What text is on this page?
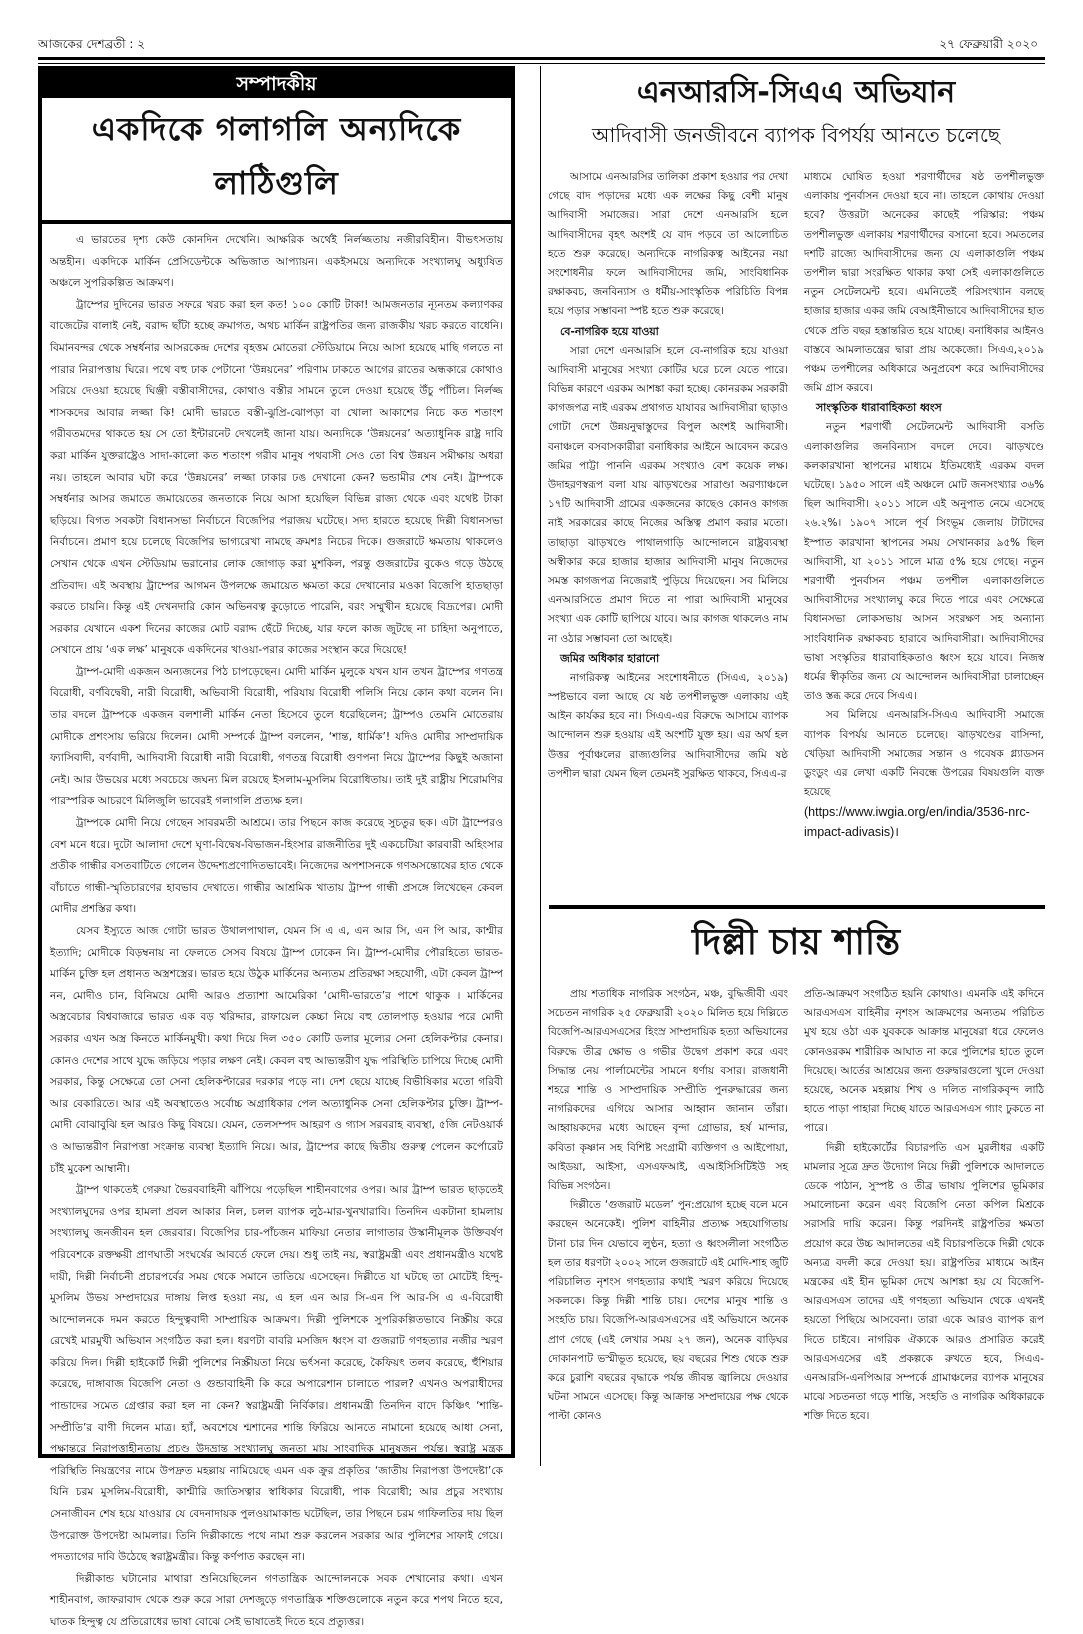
আজকের দেশব্রতী : ২	২৭ ফেব্রুয়ারী ২০২০
সম্পাদকীয়
একদিকে গলাগলি অন্যদিকে লাঠিগুলি

এ ভারতের দৃশ্য কেউ কোনদিন দেখেনি। আক্ষরিক অর্থেই নির্লজ্জতায় নজীরবিহীন। বীভৎসতায় অন্তহীন। একদিকে মার্কিন প্রেসিডেন্টকে অভিজাত আপ্যায়ন। একইসময়ে অন্যদিকে সংখ্যালঘু অধ্যুষিত অঞ্চলে সুপরিকল্পিত আক্রমণ।

ট্রাম্পের দুদিনের ভারত সফরে খরচ করা হল কত! ১০০ কোটি টাকা! আমজনতার ন্যূনতম কল্যাণকর বাজেটের বালাই নেই, বরাদ্দ ছাঁটা হচ্ছে ক্রমাগত, অথচ মার্কিন রাষ্ট্রপতির জন্য রাজকীয় খরচ করতে বাধেনি। বিমানবন্দর থেকে সম্বর্ধনার আসরকেন্দ্র দেশের বৃহত্তম মোতেরা স্টেডিয়ামে নিয়ে আসা হয়েছে মাছি গলতে না পারার নিরাপত্তায় ঘিরে। পথে বহু ঢাক পেটানো ‘উন্নয়নের’ পরিণাম ঢাকতে আগের রাতের অন্ধকারে কোথাও সরিয়ে দেওয়া হয়েছে ঘিঞ্জী বস্তীবাসীদের, কোথাও বস্তীর সামনে তুলে দেওয়া হয়েছে উঁচু পাঁচিল। নির্লজ্জ শাসকদের আবার লজ্জা কি! মোদী ভারতে বস্তী-ঝুপ্রি-ঝোপড়া বা খোলা আকাশের নিচে কত শতাংশ গরীবতমদের থাকতে হয় সে তো ইন্টারনেট দেখলেই জানা যায়। অন্যদিকে ‘উন্নয়নের’ অত্যাধুনিক রাষ্ট্র দাবি করা মার্কিন যুক্তরাষ্ট্রেও সাদা-কালো কত শতাংশ গরীব মানুষ পথবাসী সেও তো বিশ্ব উন্নয়ন সমীক্ষায় অধরা নয়। তাহলে আবার ঘটা করে ‘উন্নয়নের’ লজ্জা ঢাকার ঢঙ দেখানো কেন? ভন্ডামীর শেষ নেই। ট্রাম্পকে সম্বর্ধনার আসর জমাতে জমায়েতের জনতাকে নিয়ে আসা হয়েছিল বিভিন্ন রাজ্য থেকে এবং যথেষ্ট টাকা ছড়িয়ে। বিগত সবকটা বিধানসভা নির্বাচনে বিজেপির পরাজয় ঘটেছে। সদ্য হারতে হয়েছে দিল্লী বিধানসভা নির্বাচনে। প্রমাণ হয়ে চলেছে বিজেপির ভাগ্যরেখা নামছে ক্রমশঃ নিচের দিকে। গুজরাটে ক্ষমতায় থাকলেও সেখান থেকে এখন স্টেডিয়াম ভরানোর লোক জোগাড় করা মুশকিল, পরন্তু গুজরাটের বুকেও গড়ে উঠছে প্রতিবাদ। এই অবস্থায় ট্রাম্পের আগমন উপলক্ষে জমায়েত ক্ষমতা করে দেখানোর মওকা বিজেপি হাতছাড়া করতে চায়নি। কিন্তু এই দেখনদারি কোন অভিনবত্ব কুড়োতে পারেনি, বরং সম্মুখীন হয়েছে বিদ্রূপের। মোদী সরকার যেখানে একশ দিনের কাজের মোট বরাদ্দ ছেঁটে দিচ্ছে, যার ফলে কাজ জুটছে না চাহিদা অনুপাতে, সেখানে প্রায় ‘এক লক্ষ’ মানুষকে একদিনের খাওয়া-পরার কাজের সংস্থান করে দিয়েছে!

ট্রাম্প-মোদী একজন অন্যজনের পিঠ চাপড়েছেন। মোদী মার্কিন মুলুকে যখন যান তখন ট্রাম্পের গণতন্ত্র বিরোধী, বর্ণবিদ্বেষী, নারী বিরোধী, অভিবাসী বিরোধী, পরিযায় বিরোধী পলিসি নিয়ে কোন কথা বলেন নি। তার বদলে ট্রাম্পকে একজন বলশালী মার্কিন নেতা হিসেবে তুলে ধরেছিলেন; ট্রাম্পও তেমনি মোতেরায় মোদীকে প্রশংসায় ভরিয়ে দিলেন। মোদী সম্পর্কে ট্রাম্প বললেন, ‘শান্ত, ধার্মিক’! যদিও মোদীর সাম্প্রদায়িক ফ্যাসিবাদী, বর্ণবাদী, আদিবাসী বিরোধী নারী বিরোধী, গণতন্ত্র বিরোধী গুণপনা নিয়ে ট্রাম্পের কিছুই অজানা নেই। আর উভয়ের মধ্যে সবচেয়ে জঘন্য মিল রয়েছে ইসলাম-মুসলিম বিরোধিতায়। তাই দুই রাষ্ট্রীয় শিরোমণির পারস্পরিক আচরণে মিলিজুলি ভাবেরই গলাগলি প্রত্যক্ষ হল।

ট্রাম্পকে মোদী নিয়ে গেছেন সাবরমতী আশ্রমে। তার পিছনে কাজ করেছে সুচতুর ছক। এটা ট্রাম্পেরও বেশ মনে ধরে। দুটো আলাদা দেশে ঘৃণা-বিদ্বেষ-বিভাজন-হিংসার রাজনীতির দুই একচেটিয়া কারবারী অহিংসার প্রতীক গান্ধীর বসতবাটিতে গেলেন উদ্দেশ্যপ্রণোদিতভাবেই। নিজেদের অপশাসনকে গণঅসন্তোষের হাত থেকে বাঁচাতে গান্ধী-স্মৃতিচারণের হাবভাব দেখাতে। গান্ধীর আশ্রমিক খাতায় ট্রাম্প গান্ধী প্রসঙ্গে লিখেছেন কেবল মোদীর প্রশস্তির কথা।

যেসব ইস্যুতে আজ গোটা ভারত উথালপাথাল, যেমন সি এ এ, এন আর সি, এন পি আর, কাশ্মীর ইত্যাদি; মোদীকে বিড়ম্বনায় না ফেলতে সেসব বিষয়ে ট্রাম্প ঢোকেন নি। ট্রাম্প-মোদীর পৌরহিত্যে ভারত-মার্কিন চুক্তি হল প্রধানত অস্ত্রশস্ত্রের। ভারত হয়ে উঠুক মার্কিনের অন্যতম প্রতিরক্ষা সহযোগী, এটা কেবল ট্রাম্প নন, মোদীও চান, বিনিময়ে মোদী আরও প্রত্যাশা আমেরিকা ‘মোদী-ভারতে’র পাশে থাকুক । মার্কিনের অস্ত্রবেচার বিশ্ববাজারে ভারত এক বড় খরিদ্দার, রাফায়েল কেচ্চা নিয়ে বহু তোলপাড় হওয়ার পরে মোদী সরকার এখন অস্ত্র কিনতে মার্কিনমুখী। কথা দিয়ে দিল ৩৫০ কোটি ডলার মূল্যের সেনা হেলিকপ্টার কেনার। কোনও দেশের সাথে যুদ্ধে জড়িয়ে পড়ার লক্ষণ নেই। কেবল বহু আভ্যন্তরীণ যুদ্ধ পরিস্থিতি চাপিয়ে দিচ্ছে মোদী সরকার, কিন্তু সেক্ষেত্রে তো সেনা হেলিকপ্টারের দরকার পড়ে না। দেশ ছেয়ে যাচ্ছে বিভীষিকার মতো গরিবী আর বেকারিতে। আর এই অবস্থাতেও সর্বোচ্চ অগ্রাধিকার পেল অত্যাধুনিক সেনা হেলিকপ্টার চুক্তি। ট্রাম্প-মোদী বোঝাবুঝি হল আরও কিছু বিষয়ে। যেমন, তেলসম্পদ আহরণ ও গ্যাস সরবরাহ ব্যবস্থা, ৫জি নেটওয়ার্ক ও আভ্যন্তরীণ নিরাপত্তা সংক্রান্ত ব্যবস্থা ইত্যাদি নিয়ে। আর, ট্রাম্পের কাছে দ্বিতীয় গুরুত্ব পেলেন কর্পোরেট চাঁই মুকেশ আম্বানী।

ট্রাম্প থাকতেই গেরুয়া ভৈরববাহিনী ঝাঁপিয়ে পড়েছিল শাহীনবাগের ওপর। আর ট্রাম্প ভারত ছাড়তেই সংখ্যালঘুদের ওপর হামলা প্রবল আকার নিল, চলল ব্যাপক লুঠ-মার-খুনখারাবি। তিনদিন একটানা হামলায় সংখ্যালঘু জনজীবন হল জেরবার। বিজেপির চার-পাঁচজন মাফিয়া নেতার লাগাতার উস্কানীমূলক উক্তিবর্ষণ পরিবেশকে রক্তক্ষয়ী প্রাণঘাতী সংঘর্ষের আবর্তে ফেলে দেয়। শুধু তাই নয়, স্বরাষ্ট্রমন্ত্রী এবং প্রধানমন্ত্রীও যথেষ্ট দায়ী, দিল্লী নির্বাচনী প্রচারপর্বের সময় থেকে সমানে তাতিয়ে এসেছেন। দিল্লীতে যা ঘটছে তা মোটেই হিন্দু-মুসলিম উভয় সম্প্রদায়ের দাঙ্গায় লিপ্ত হওয়া নয়, এ হল এন আর সি-এন পি আর-সি এ এ-বিরোধী আন্দোলনকে দমন করতে হিন্দুত্ববাদী সাম্প্রায়িক আক্রমণ। দিল্লী পুলিশকে সুপরিকল্পিতভাবে নিস্ক্রীয় করে রেখেই মারমুখী অভিযান সংগঠিত করা হল। ধরণটা বাবরি মসজিদ ধ্বংস বা গুজরাট গণহত্যার নজীর স্মরণ করিয়ে দিল। দিল্লী হাইকোর্ট দিল্লী পুলিশের নিস্ক্রীয়তা নিয়ে ভর্ৎসনা করেছে, কৈফিয়ৎ তলব করেছে, হুঁশিয়ার করেছে, দাঙ্গাবাজ বিজেপি নেতা ও গুন্ডাবাহিনী কি করে অপারেশান চালাতে পারল? এখনও অপরাধীদের পান্ডাদের সমেত গ্রেপ্তার করা হল না কেন? স্বরাষ্ট্রমন্ত্রী নির্বিকার। প্রধানমন্ত্রী তিনদিন বাদে কিঞ্চিৎ ‘শান্তি-সম্প্রীতি’র বাণী দিলেন মাত্র। হ্যাঁ, অবশেষে শ্মশানের শান্তি ফিরিয়ে আনতে নামানো হয়েছে আধা সেনা, পক্ষান্তরে নিরাপত্তাহীনতায় প্রচণ্ড উদভ্রান্ত সংখ্যালঘু জনতা মায় সাংবাদিক মানুষজন পর্যন্ত। স্বরাষ্ট্র মন্ত্রক পরিস্থিতি নিয়ন্ত্রণের নামে উপদ্রুত মহল্লায় নামিয়েছে এমন এক ক্রুর প্রকৃতির ‘জাতীয় নিরাপত্তা উপদেষ্টা’কে যিনি চরম মুসলিম-বিরোধী, কাশ্মীরি জাতিসত্বার স্বাধিকার বিরোধী, পাক বিরোধী; আর প্রচুর সংখ্যায় সেনাজীবন শেষ হয়ে যাওয়ার যে বেদনাদায়ক পুলওয়ামাকান্ড ঘটেছিল, তার পিছনে চরম গাফিলতির দায় ছিল উপরোক্ত উপদেষ্টা আমলার। তিনি দিল্লীকান্ডে পথে নামা শুরু করলেন সরকার আর পুলিশের সাফাই গেয়ে। পদত্যাগের দাবি উঠেছে স্বরাষ্ট্রমন্ত্রীর। কিন্তু কর্ণপাত করছেন না।

দিল্লীকান্ড ঘটানোর মাথারা শুনিয়েছিলেন গণতান্ত্রিক আন্দোলনকে সবক শেখানোর কথা। এখন শাহীনবাগ, জাফরাবাদ থেকে শুরু করে সারা দেশজুড়ে গণতান্ত্রিক শক্তিগুলোকে নতুন করে শপথ নিতে হবে, ঘাতক হিন্দুত্ব যে প্রতিরোধের ভাষা বোঝে সেই ভাষাতেই দিতে হবে প্রত্যুত্তর।

এনআরসি-সিএএ অভিযান
আদিবাসী জনজীবনে ব্যাপক বিপর্যয় আনতে চলেছে

আসামে এনআরসির তালিকা প্রকাশ হওয়ার পর দেখা গেছে বাদ পড়াদের মধ্যে এক লক্ষের কিছু বেশী মানুষ আদিবাসী সমাজের। সারা দেশে এনআরসি হলে আদিবাসীদের বৃহৎ অংশই যে বাদ পড়বে তা আলোচিত হতে শুরু করেছে। অন্যদিকে নাগরিকত্ব আইনের নয়া সংশোধনীর ফলে আদিবাসীদের জমি, সাংবিধানিক রক্ষাকবচ, জনবিন্যাস ও ধর্মীয়-সাংস্কৃতিক পরিচিতি বিপন্ন হয়ে পড়ার সম্ভাবনা স্পষ্ট হতে শুরু করেছে।

বে-নাগরিক হয়ে যাওয়া

সারা দেশে এনআরসি হলে বে-নাগরিক হয়ে যাওয়া আদিবাসী মানুষের সংখ্যা কোটির ঘরে চলে যেতে পারে। বিভিন্ন কারণে এরকম আশঙ্কা করা হচ্ছে। কোনরকম সরকারী কাগজপত্র নাই এরকম প্রথাগত যাযাবর আদিবাসীরা ছাড়াও গোটা দেশে উন্নয়নুদ্বাস্তুদের বিপুল অংশই আদিবাসী। বনাঞ্চলে বসবাসকারীরা বনাধিকার আইনে আবেদন করেও জমির পাট্টা পাননি এরকম সংখ্যাও বেশ কয়েক লক্ষ। উদাহরণস্বরূপ বলা যায় ঝাড়খণ্ডের সারাণ্ডা অরণ্যাঞ্চলে ১৭টি আদিবাসী গ্রামের একজনের কাছেও কোনও কাগজ নাই সরকারের কাছে নিজের অস্তিত্ব প্রমাণ করার মতো। তাছাড়া ঝাড়খণ্ডে পাথালগাড়ি আন্দোলনে রাষ্ট্রব্যবস্থা অস্বীকার করে হাজার হাজার আদিবাসী মানুষ নিজেদের সমস্ত কাগজপত্র নিজেরাই পুড়িয়ে দিয়েছেন। সব মিলিয়ে এনআরসিতে প্রমাণ দিতে না পারা আদিবাসী মানুষের সংখ্যা এক কোটি ছাপিয়ে যাবে। আর কাগজ থাকলেও নাম না ওঠার সম্ভাবনা তো আছেই।

জমির অধিকার হারানো

নাগরিকত্ব আইনের সংশোধনীতে (সিএএ, ২০১৯) স্পষ্টভাবে বলা আছে যে ষষ্ঠ তপশীলভুক্ত এলাকায় এই আইন কার্যকর হবে না। সিএএ-এর বিরুদ্ধে আসামে ব্যাপক আন্দোলন শুরু হওয়ায় এই অংশটি যুক্ত হয়। এর অর্থ হল উত্তর পূর্বাঞ্চলের রাজ্যগুলির আদিবাসীদের জমি ষষ্ঠ তপশীল দ্বারা যেমন ছিল তেমনই সুরক্ষিত থাকবে, সিএএ-র

মাধ্যমে ঘোষিত হওয়া শরণার্থীদের ষষ্ঠ তপশীলভুক্ত এলাকায় পুনর্বাসন দেওয়া হবে না। তাহলে কোথায় দেওয়া হবে? উত্তরটা অনেকের কাছেই পরিস্কার: পঞ্চম তপশীলভুক্ত এলাকায় শরণার্থীদের বসানো হবে। সমতলের দশটি রাজ্যে আদিবাসীদের জন্য যে এলাকাগুলি পঞ্চম তপশীল দ্বারা সংরক্ষিত থাকার কথা সেই এলাকাগুলিতে নতুন সেটেলমেন্ট হবে। এমনিতেই পরিসংখ্যান বলছে হাজার হাজার একর জমি বেআইনীভাবে আদিবাসীদের হাত থেকে প্রতি বছর হস্তান্তরিত হয়ে যাচ্ছে। বনাধিকার আইনও বাস্তবে আমলাতন্ত্রের দ্বারা প্রায় অকেজো। সিএএ,২০১৯ পঞ্চম তপশীলের অধিকারে অনুপ্রবেশ করে আদিবাসীদের জমি গ্রাস করবে।

সাংস্কৃতিক ধারাবাহিকতা ধ্বংস

নতুন শরণার্থী সেটেলমেন্ট আদিবাসী বসতি এলাকাগুলির জনবিন্যাস বদলে দেবে। ঝাড়খণ্ডে কলকারখানা স্থাপনের মাধ্যমে ইতিমধ্যেই এরকম বদল ঘটেছে। ১৯৫০ সালে এই অঞ্চলে মোট জনসংখ্যার ৩৬% ছিল আদিবাসী। ২০১১ সালে এই অনুপাত নেমে এসেছে ২৬.২%। ১৯০৭ সালে পূর্ব সিংভূম জেলায় টাটাদের ইস্পাত কারখানা স্থাপনের সময় সেখানকার ৯৫% ছিল আদিবাসী, যা ২০১১ সালে মাত্র ৫% হয়ে গেছে। নতুন শরণার্থী পুনর্বাসন পঞ্চম তপশীল এলাকাগুলিতে আদিবাসীদের সংখ্যালঘু করে দিতে পারে এবং সেক্ষেত্রে বিধানসভা লোকসভায় আসন সংরক্ষণ সহ অন্যান্য সাংবিধানিক রক্ষাকবচ হারাবে আদিবাসীরা। আদিবাসীদের ভাষা সংস্কৃতির ধারাবাহিকতাও ধ্বংস হয়ে যাবে। নিজস্ব ধর্মের স্বীকৃতির জন্য যে আন্দোলন আদিবাসীরা চালাচ্ছেন তাও স্তব্ধ করে দেবে সিএএ।

সব মিলিয়ে এনআরসি-সিএএ আদিবাসী সমাজে ব্যাপক বিপর্যয় আনতে চলেছে। ঝাড়খণ্ডের বাসিন্দা, খেড়িয়া আদিবাসী সমাজের সন্তান ও গবেষক গ্ল্যাডসন ডুংডুং এর লেখা একটি নিবন্ধে উপরের বিষয়গুলি ব্যক্ত হয়েছে

(https://www.iwgia.org/en/india/3536-nrc-impact-adivasis)।
দিল্লী চায় শান্তি

প্রায় শতাধিক নাগরিক সংগঠন, মঞ্চ, বুদ্ধিজীবী এবং সচেতন নাগরিক ২৫ ফেব্রুয়ারী ২০২০ মিলিত হয়ে দিল্লিতে বিজেপি-আরএসএসের হিংস্র সাম্প্রদায়িক হত্যা অভিযানের বিরুদ্ধে তীব্র ক্ষোভ ও গভীর উদ্বেগ প্রকাশ করে এবং সিদ্ধান্ত নেয় পার্লামেন্টের সামনে ধর্ণায় বসার। রাজধানী শহরে শান্তি ও সাম্প্রদায়িক সম্প্রীতি পুনরুদ্ধারের জন্য নাগরিকদের এগিয়ে আসার আহ্বান জানান তাঁরা। আহ্বায়কদের মধ্যে আছেন বৃন্দা গ্রোভার, হর্ষ মান্দার, কবিতা কৃষ্ণান সহ বিশিষ্ট সংগ্রামী ব্যক্তিগণ ও আইপোয়া, আইডয়া, আইসা, এসএফআই, এআইসিসিটিইউ সহ বিভিন্ন সংগঠন।

দিল্লীতে ‘গুজরাট মডেল’ পুন:প্রয়োগ হচ্ছে বলে মনে করছেন অনেকেই। পুলিশ বাহিনীর প্রত্যক্ষ সহযোগিতায় টানা চার দিন যেভাবে লুণ্ঠন, হত্যা ও ধ্বংসলীলা সংগঠিত হল তার ধরণটা ২০০২ সালে গুজরাটে এই মোদি-শাহ জুটি পরিচালিত নৃশংস গণহত্যার কথাই স্মরণ করিয়ে দিয়েছে সকলকে। কিন্তু দিল্লী শান্তি চায়। দেশের মানুষ শান্তি ও সংহতি চায়। বিজেপি-আরএসএসের এই অভিযানে অনেক প্রাণ গেছে (এই লেখার সময় ২৭ জন), অনেক বাড়িঘর দোকানপাট ভস্মীভূত হয়েছে, ছয় বছরের শিশু থেকে শুরু করে চুরাশি বছরের বৃদ্ধাকে পর্যন্ত জীবন্ত জ্বালিয়ে দেওয়ার ঘটনা সামনে এসেছে। কিন্তু আক্রান্ত সম্প্রদায়ের পক্ষ থেকে পাল্টা কোনও

প্রতি-আক্রমণ সংগঠিত হয়নি কোথাও। এমনকি এই কদিনে আরএসএস বাহিনীর নৃশংস আক্রমণের অন্যতম পরিচিত মুখ হয়ে ওঠা এক যুবককে আক্রান্ত মানুষেরা ধরে ফেলেও কোনওরকম শারীরিক আঘাত না করে পুলিশের হাতে তুলে দিয়েছে। আর্তের আশ্রয়ের জন্য গুরুদ্বারগুলো খুলে দেওয়া হয়েছে, অনেক মহল্লায় শিখ ও দলিত নাগরিকবৃন্দ লাঠি হাতে পাড়া পাহারা দিচ্ছে যাতে আরএসএস গ্যাং ঢুকতে না পারে।

দিল্লী হাইকোর্টের বিচারপতি এস মুরলীধর একটি মামলার সূত্রে দ্রুত উদ্যোগ নিয়ে দিল্লী পুলিশকে আদালতে ডেকে পাঠান, সুস্পষ্ট ও তীব্র ভাষায় পুলিশের ভূমিকার সমালোচনা করেন এবং বিজেপি নেতা কপিল মিশ্রকে সরাসরি দায়ি করেন। কিন্তু পরদিনই রাষ্ট্রপতির ক্ষমতা প্রয়োগ করে উচ্চ আদালতের এই বিচারপতিকে দিল্লী থেকে অন্যত্র বদলী করে দেওয়া হয়। রাষ্ট্রপতির মাধ্যমে আইন মন্ত্রকের এই হীন ভূমিকা দেখে আশঙ্কা হয় যে বিজেপি-আরএসএস তাদের এই গণহত্যা অভিযান থেকে এখনই হয়তো পিছিয়ে আসবেনা। তারা একে আরও ব্যাপক রূপ দিতে চাইবে। নাগরিক ঐক্যকে আরও প্রসারিত করেই আরএসএসের এই প্রকল্পকে রুখতে হবে, সিএএ-এনআরসি-এনপিআর সম্পর্কে গ্রামাঞ্চলের ব্যাপক মানুষের মাঝে সচতনতা গড়ে শান্তি, সংহতি ও নাগরিক অধিকারকে শক্তি দিতে হবে।
